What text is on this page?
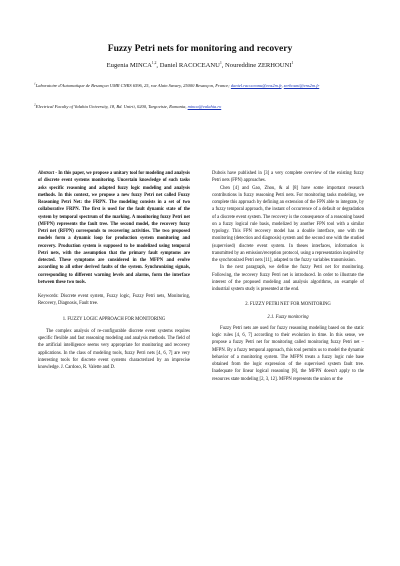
Fuzzy Petri nets for monitoring and recovery
Eugenia MINCA$^{1,2}$, Daniel RACOCEANU$^1$, Noureddine ZERHOUNI$^1$
$^1$Laboratoire d'Automatique de Besançon UMR CNRS 6596, 25, rue Alain Savary, 25000 Besançon, France; daniel.racoceanu@ens2m.fr, zerhouni@ens2m.fr
$^2$Electrical Faculty of Valahia University, 18, Bd. Unirii, 0200, Targoviste, Romania, minca@valahia.ro

Abstract - In this paper, we propose a unitary tool for modeling and analysis of discrete event systems monitoring. Uncertain knowledge of such tasks asks specific reasoning and adapted fuzzy logic modeling and analysis methods. In this context, we propose a new fuzzy Petri net called Fuzzy Reasoning Petri Net: the FRPN. The modeling consists in a set of two collaborative FRPN. The first is used for the fault dynamic state of the system by temporal spectrum of the marking. A monitoring fuzzy Petri net (MFPN) represents the fault tree. The second model, the recovery fuzzy Petri net (RFPN) corresponds to recovering activities. The two proposed models form a dynamic loop for production system monitoring and recovery. Production system is supposed to be modelized using temporal Petri nets, with the assumption that the primary fault symptoms are detected. These symptoms are considered in the MFPN and evolve according to all other derived faults of the system. Synchronizing signals, corresponding to different warning levels and alarms, form the interface between these two tools.

Keywords: Discrete event system, Fuzzy logic, Fuzzy Petri nets, Monitoring, Recovery, Diagnosis, Fault tree.

1. FUZZY LOGIC APPROACH FOR MONITORING

The complex analysis of re-configurable discrete event systems requires specific flexible and fast reasoning modeling and analysis methods. The field of the artificial intelligence seems very appropriate for monitoring and recovery applications. In the class of modeling tools, fuzzy Petri nets [4, 6, 7] are very interesting tools for discrete event systems characterized by an imprecise knowledge. J. Cardoso, R. Valette and D.

Dubois have published in [3] a very complete overview of the existing fuzzy Petri nets (FPN) approaches.

Chen [4] and Gao, Zhou, & al [8] have some important research contributions in fuzzy reasoning Petri nets. For monitoring tasks modeling, we complete this approach by defining an extension of the FPN able to integrate, by a fuzzy temporal approach, the instant of occurrence of a default or degradation of a discrete event system. The recovery is the consequence of a reasoning based on a fuzzy logical rule basis, modelized by another FPN tool with a similar typology. This FPN recovery model has a double interface, one with the monitoring (detection and diagnosis) system and the second one with the studied (supervised) discrete event system. In theses interfaces, information is transmitted by an emission/reception protocol, using a representation inspired by the synchronized Petri nets [11], adapted to the fuzzy variables transmission.

In the next paragraph, we define the fuzzy Petri net for monitoring. Following, the recovery fuzzy Petri net is introduced. In order to illustrate the interest of the proposed modeling and analysis algorithms, an example of industrial system study is presented at the end.

2. FUZZY PETRI NET FOR MONITORING

2.1. Fuzzy monitoring

Fuzzy Petri nets are used for fuzzy reasoning modeling based on the static logic rules [4, 6, 7] according to their evolution in time. In this sense, we propose a fuzzy Petri net for monitoring called monitoring fuzzy Petri net – MFPN. By a fuzzy temporal approach, this tool permits us to model the dynamic behavior of a monitoring system. The MFPN treats a fuzzy logic rule base obtained from the logic expression of the supervised system fault tree. Inadequate for linear logical reasoning [8], the MFPN doesn't apply to the resources state modeling [2, 3, 12]. MFPN represents the union or the
